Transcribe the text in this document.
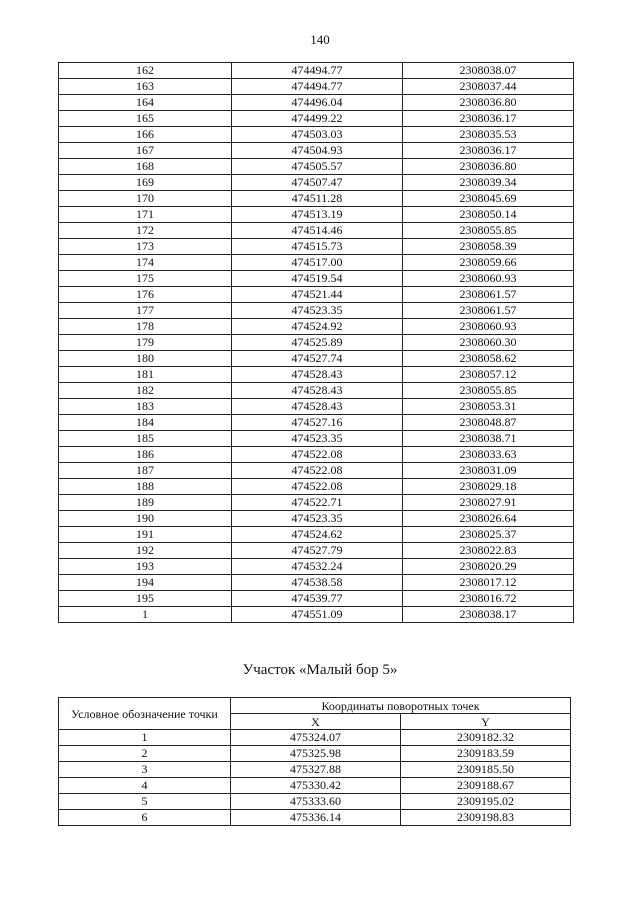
140
162	474494.77	2308038.07
163	474494.77	2308037.44
164	474496.04	2308036.80
165	474499.22	2308036.17
166	474503.03	2308035.53
167	474504.93	2308036.17
168	474505.57	2308036.80
169	474507.47	2308039.34
170	474511.28	2308045.69
171	474513.19	2308050.14
172	474514.46	2308055.85
173	474515.73	2308058.39
174	474517.00	2308059.66
175	474519.54	2308060.93
176	474521.44	2308061.57
177	474523.35	2308061.57
178	474524.92	2308060.93
179	474525.89	2308060.30
180	474527.74	2308058.62
181	474528.43	2308057.12
182	474528.43	2308055.85
183	474528.43	2308053.31
184	474527.16	2308048.87
185	474523.35	2308038.71
186	474522.08	2308033.63
187	474522.08	2308031.09
188	474522.08	2308029.18
189	474522.71	2308027.91
190	474523.35	2308026.64
191	474524.62	2308025.37
192	474527.79	2308022.83
193	474532.24	2308020.29
194	474538.58	2308017.12
195	474539.77	2308016.72
1	474551.09	2308038.17
Участок «Малый бор 5»
Условное обозначение точки	Координаты поворотных точек	
	X	Y
1	475324.07	2309182.32
2	475325.98	2309183.59
3	475327.88	2309185.50
4	475330.42	2309188.67
5	475333.60	2309195.02
6	475336.14	2309198.83
